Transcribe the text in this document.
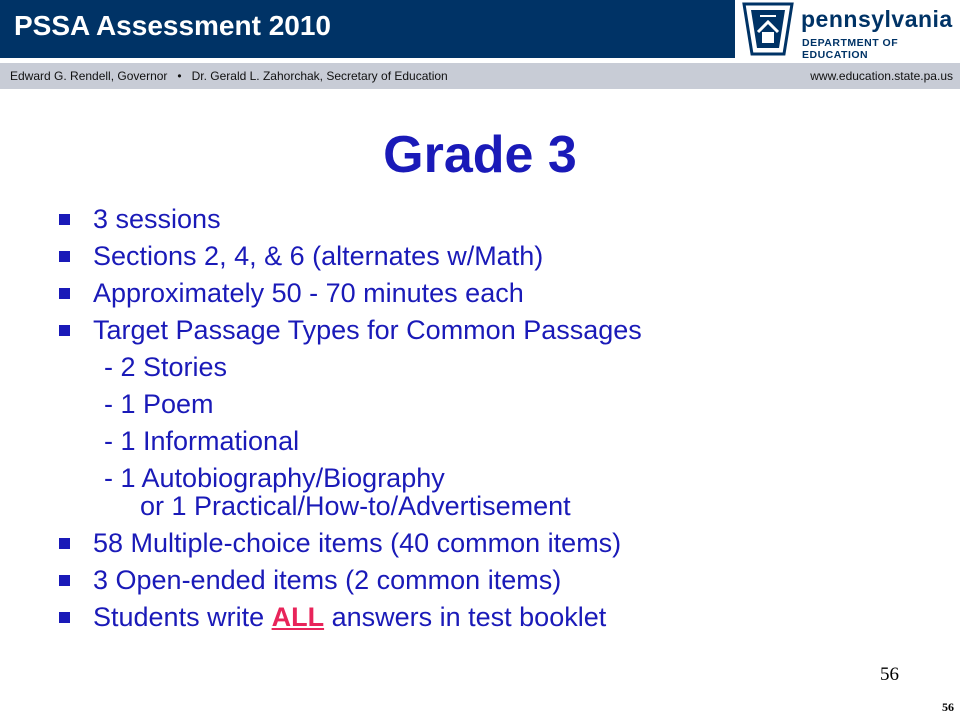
PSSA Assessment 2010	pennsylvania
DEPARTMENT OF EDUCATION
Edward G. Rendell, Governor • Dr. Gerald L. Zahorchak, Secretary of Education	www.education.state.pa.us
Grade 3
3 sessions
Sections 2, 4, & 6 (alternates w/Math)
Approximately 50 - 70 minutes each
Target Passage Types for Common Passages
- 2 Stories
- 1 Poem
- 1 Informational
- 1 Autobiography/Biography
or 1 Practical/How-to/Advertisement
58 Multiple-choice items (40 common items)
3 Open-ended items (2 common items)
Students write ALL answers in test booklet
56
56
